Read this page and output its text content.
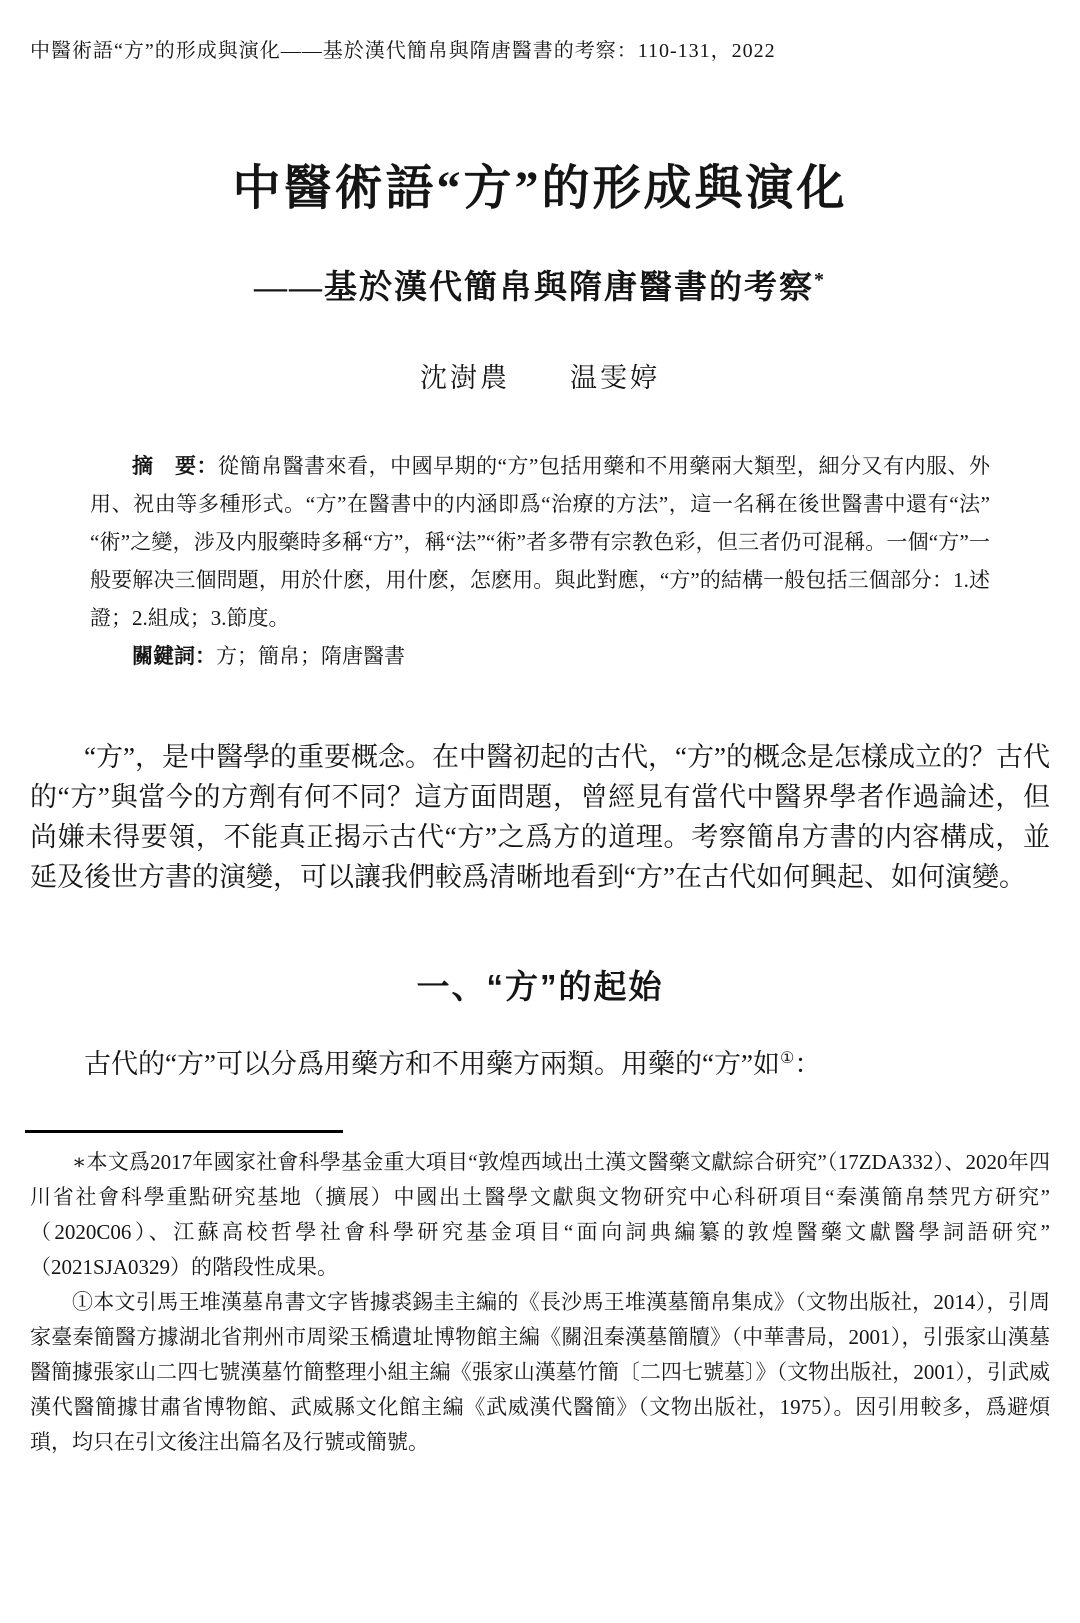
中醫術語“方”的形成與演化——基於漢代簡帛與隋唐醫書的考察：110-131，2022
中醫術語“方”的形成與演化
——基於漢代簡帛與隋唐醫書的考察*
沈澍農　　温雯婷

摘　要：從簡帛醫書來看，中國早期的“方”包括用藥和不用藥兩大類型，細分又有内服、外用、祝由等多種形式。“方”在醫書中的内涵即爲“治療的方法”，這一名稱在後世醫書中還有“法”“術”之變，涉及内服藥時多稱“方”，稱“法”“術”者多帶有宗教色彩，但三者仍可混稱。一個“方”一般要解决三個問題，用於什麽，用什麽，怎麽用。與此對應，“方”的結構一般包括三個部分：1.述證；2.組成；3.節度。

關鍵詞：方；簡帛；隋唐醫書

“方”，是中醫學的重要概念。在中醫初起的古代，“方”的概念是怎樣成立的？古代的“方”與當今的方劑有何不同？這方面問題，曾經見有當代中醫界學者作過論述，但尚嫌未得要領，不能真正揭示古代“方”之爲方的道理。考察簡帛方書的内容構成，並延及後世方書的演變，可以讓我們較爲清晰地看到“方”在古代如何興起、如何演變。

一、“方”的起始

古代的“方”可以分爲用藥方和不用藥方兩類。用藥的“方”如①：

∗本文爲2017年國家社會科學基金重大項目“敦煌西域出土漢文醫藥文獻綜合研究”（17ZDA332）、2020年四川省社會科學重點研究基地（擴展）中國出土醫學文獻與文物研究中心科研項目“秦漢簡帛禁咒方研究”（2020C06）、江蘇高校哲學社會科學研究基金項目“面向詞典編纂的敦煌醫藥文獻醫學詞語研究”（2021SJA0329）的階段性成果。

①本文引馬王堆漢墓帛書文字皆據裘錫圭主編的《長沙馬王堆漢墓簡帛集成》（文物出版社，2014），引周家臺秦簡醫方據湖北省荆州市周梁玉橋遺址博物館主編《關沮秦漢墓簡牘》（中華書局，2001），引張家山漢墓醫簡據張家山二四七號漢墓竹簡整理小組主編《張家山漢墓竹簡〔二四七號墓〕》（文物出版社，2001），引武威漢代醫簡據甘肅省博物館、武威縣文化館主編《武威漢代醫簡》（文物出版社，1975）。因引用較多，爲避煩瑣，均只在引文後注出篇名及行號或簡號。
